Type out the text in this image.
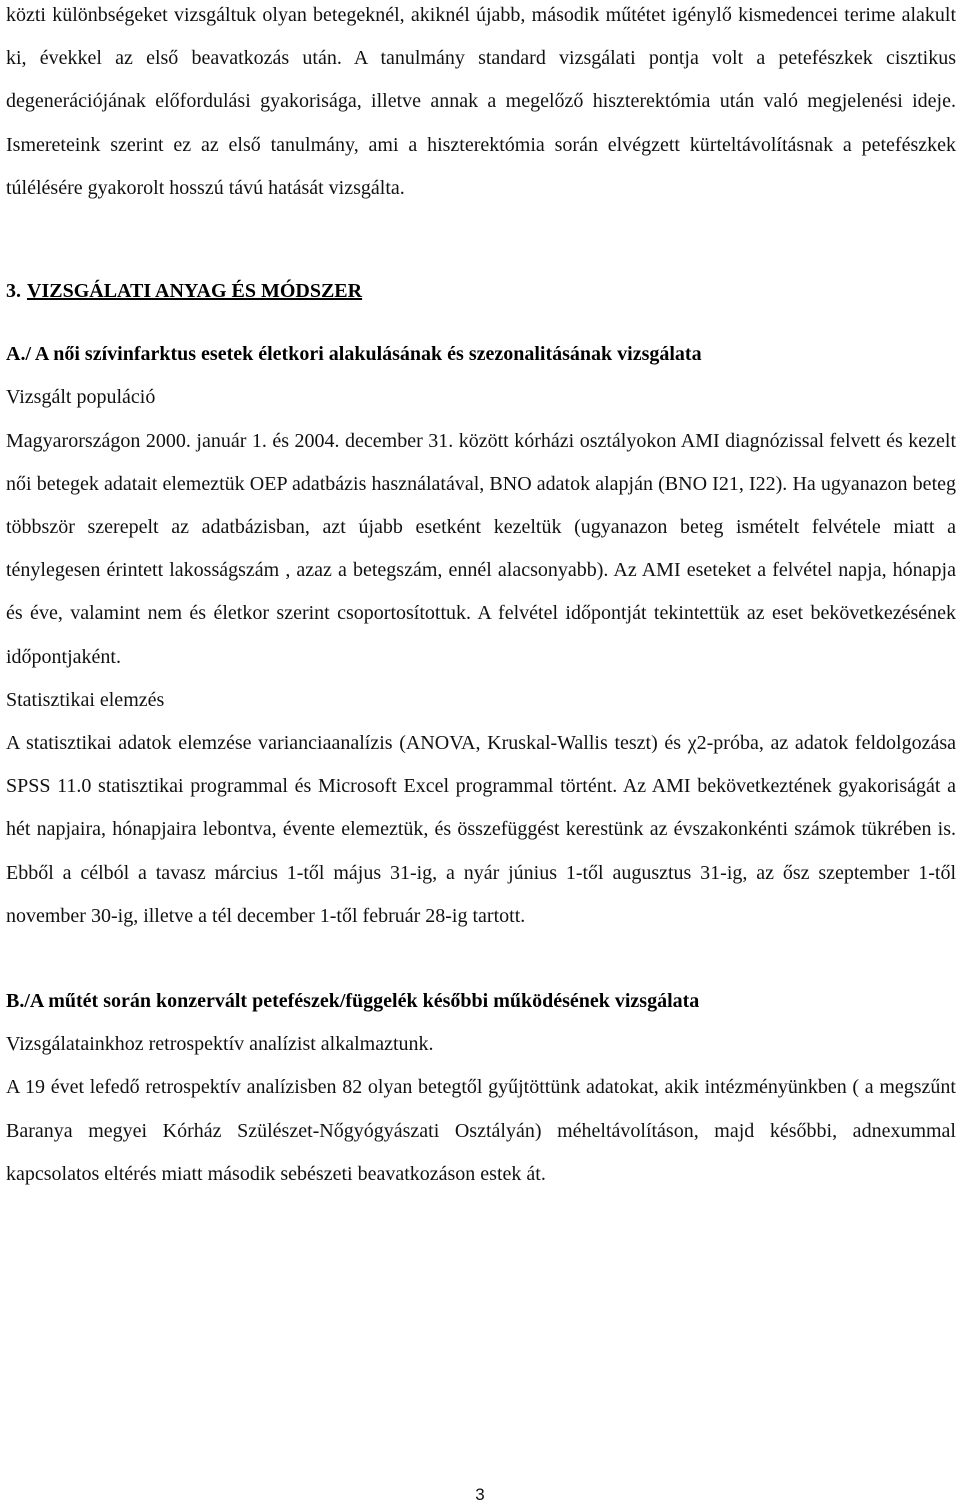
közti különbségeket vizsgáltuk olyan betegeknél, akiknél újabb, második műtétet igénylő kismedencei terime alakult ki, évekkel az első beavatkozás után. A tanulmány standard vizsgálati pontja volt a petefészkek cisztikus degenerációjának előfordulási gyakorisága, illetve annak a megelőző hiszterektómia után való megjelenési ideje. Ismereteink szerint ez az első tanulmány, ami a hiszterektómia során elvégzett kürteltávolításnak a petefészkek túlélésére gyakorolt hosszú távú hatását vizsgálta.

3. VIZSGÁLATI ANYAG ÉS MÓDSZER

A./ A női szívinfarktus esetek életkori alakulásának és szezonalitásának vizsgálata

Vizsgált populáció

Magyarországon 2000. január 1. és 2004. december 31. között kórházi osztályokon AMI diagnózissal felvett és kezelt női betegek adatait elemeztük OEP adatbázis használatával, BNO adatok alapján (BNO I21, I22). Ha ugyanazon beteg többször szerepelt az adatbázisban, azt újabb esetként kezeltük (ugyanazon beteg ismételt felvétele miatt a ténylegesen érintett lakosságszám , azaz a betegszám, ennél alacsonyabb). Az AMI eseteket a felvétel napja, hónapja és éve, valamint nem és életkor szerint csoportosítottuk. A felvétel időpontját tekintettük az eset bekövetkezésének időpontjaként.

Statisztikai elemzés

A statisztikai adatok elemzése varianciaanalízis (ANOVA, Kruskal-Wallis teszt) és χ2-próba, az adatok feldolgozása SPSS 11.0 statisztikai programmal és Microsoft Excel programmal történt. Az AMI bekövetkeztének gyakoriságát a hét napjaira, hónapjaira lebontva, évente elemeztük, és összefüggést kerestünk az évszakonkénti számok tükrében is. Ebből a célból a tavasz március 1-től május 31-ig, a nyár június 1-től augusztus 31-ig, az ősz szeptember 1-től november 30-ig, illetve a tél december 1-től február 28-ig tartott.

B./A műtét során konzervált petefészek/függelék későbbi működésének vizsgálata

Vizsgálatainkhoz retrospektív analízist alkalmaztunk.

A 19 évet lefedő retrospektív analízisben 82 olyan betegtől gyűjtöttünk adatokat, akik intézményünkben ( a megszűnt Baranya megyei Kórház Szülészet-Nőgyógyászati Osztályán) méheltávolításon, majd későbbi, adnexummal kapcsolatos eltérés miatt második sebészeti beavatkozáson estek át.

3
